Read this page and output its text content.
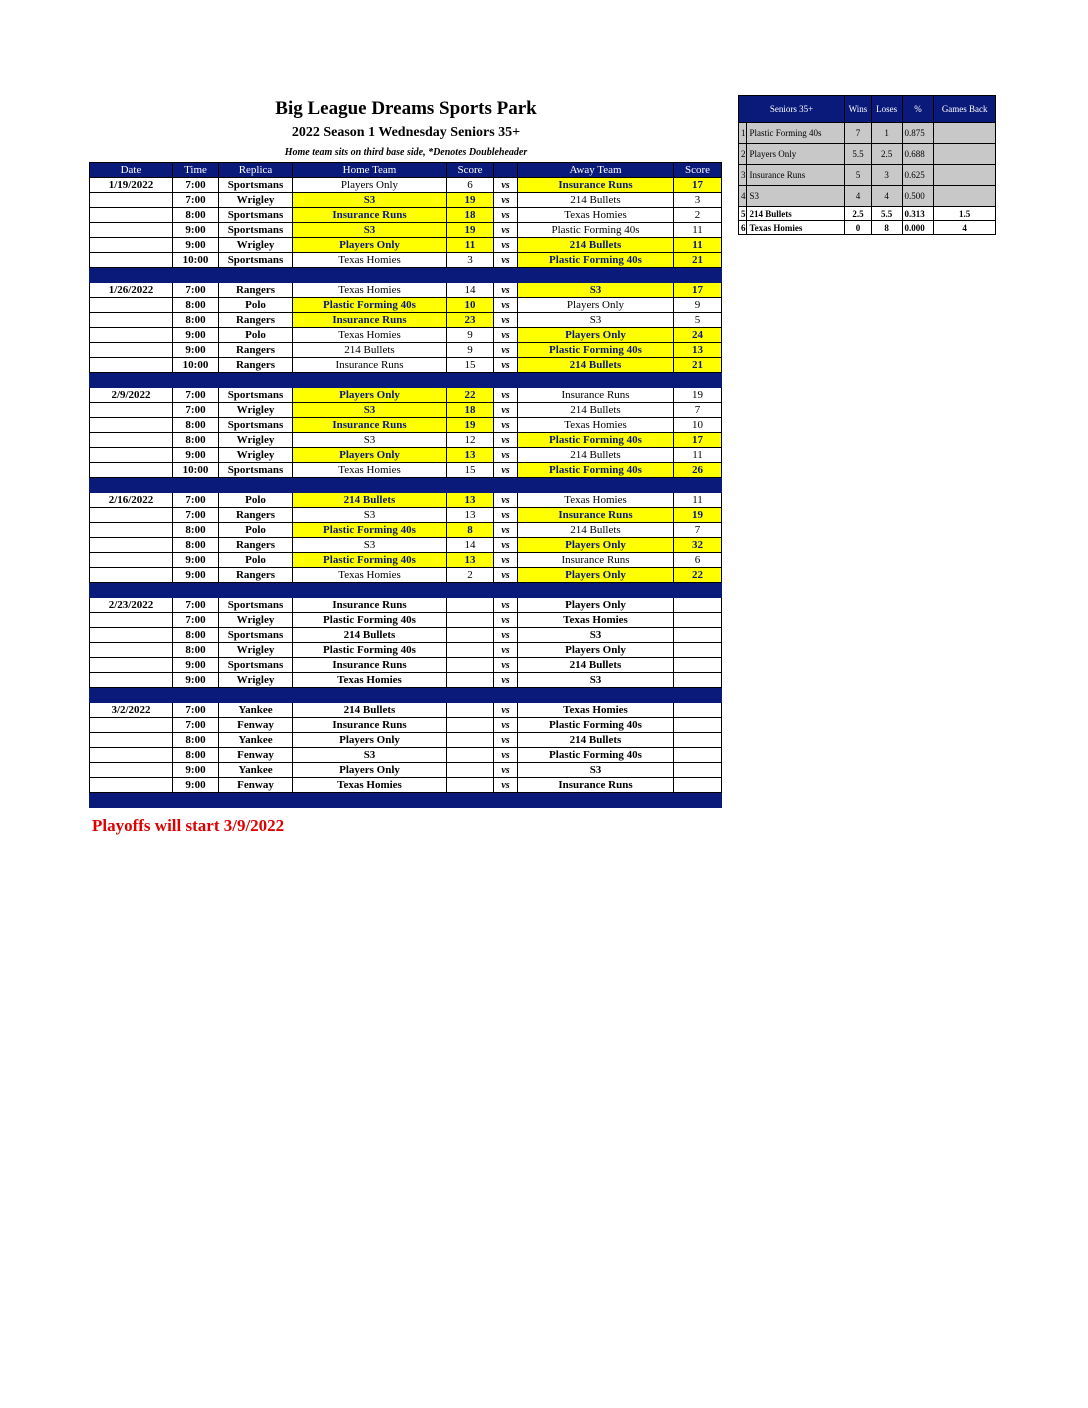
Big League Dreams Sports Park
2022 Season 1 Wednesday Seniors 35+
Home team sits on third base side, *Denotes Doubleheader
Date	Time	Replica	Home Team	Score		Away Team	Score
1/19/2022	7:00	Sportsmans	Players Only	6	vs	Insurance Runs	17
	7:00	Wrigley	S3	19	vs	214 Bullets	3
	8:00	Sportsmans	Insurance Runs	18	vs	Texas Homies	2
	9:00	Sportsmans	S3	19	vs	Plastic Forming 40s	11
	9:00	Wrigley	Players Only	11	vs	214 Bullets	11
	10:00	Sportsmans	Texas Homies	3	vs	Plastic Forming 40s	21

1/26/2022	7:00	Rangers	Texas Homies	14	vs	S3	17
	8:00	Polo	Plastic Forming 40s	10	vs	Players Only	9
	8:00	Rangers	Insurance Runs	23	vs	S3	5
	9:00	Polo	Texas Homies	9	vs	Players Only	24
	9:00	Rangers	214 Bullets	9	vs	Plastic Forming 40s	13
	10:00	Rangers	Insurance Runs	15	vs	214 Bullets	21

2/9/2022	7:00	Sportsmans	Players Only	22	vs	Insurance Runs	19
	7:00	Wrigley	S3	18	vs	214 Bullets	7
	8:00	Sportsmans	Insurance Runs	19	vs	Texas Homies	10
	8:00	Wrigley	S3	12	vs	Plastic Forming 40s	17
	9:00	Wrigley	Players Only	13	vs	214 Bullets	11
	10:00	Sportsmans	Texas Homies	15	vs	Plastic Forming 40s	26

2/16/2022	7:00	Polo	214 Bullets	13	vs	Texas Homies	11
	7:00	Rangers	S3	13	vs	Insurance Runs	19
	8:00	Polo	Plastic Forming 40s	8	vs	214 Bullets	7
	8:00	Rangers	S3	14	vs	Players Only	32
	9:00	Polo	Plastic Forming 40s	13	vs	Insurance Runs	6
	9:00	Rangers	Texas Homies	2	vs	Players Only	22

2/23/2022	7:00	Sportsmans	Insurance Runs		vs	Players Only	
	7:00	Wrigley	Plastic Forming 40s		vs	Texas Homies	
	8:00	Sportsmans	214 Bullets		vs	S3	
	8:00	Wrigley	Plastic Forming 40s		vs	Players Only	
	9:00	Sportsmans	Insurance Runs		vs	214 Bullets	
	9:00	Wrigley	Texas Homies		vs	S3	

3/2/2022	7:00	Yankee	214 Bullets		vs	Texas Homies	
	7:00	Fenway	Insurance Runs		vs	Plastic Forming 40s	
	8:00	Yankee	Players Only		vs	214 Bullets	
	8:00	Fenway	S3		vs	Plastic Forming 40s	
	9:00	Yankee	Players Only		vs	S3	
	9:00	Fenway	Texas Homies		vs	Insurance Runs	

Seniors 35+		Wins	Loses	%	Games Back
1	Plastic Forming 40s	7	1	0.875	
2	Players Only	5.5	2.5	0.688	
3	Insurance Runs	5	3	0.625	
4	S3	4	4	0.500	
5	214 Bullets	2.5	5.5	0.313	1.5
6	Texas Homies	0	8	0.000	4
Playoffs will start 3/9/2022
